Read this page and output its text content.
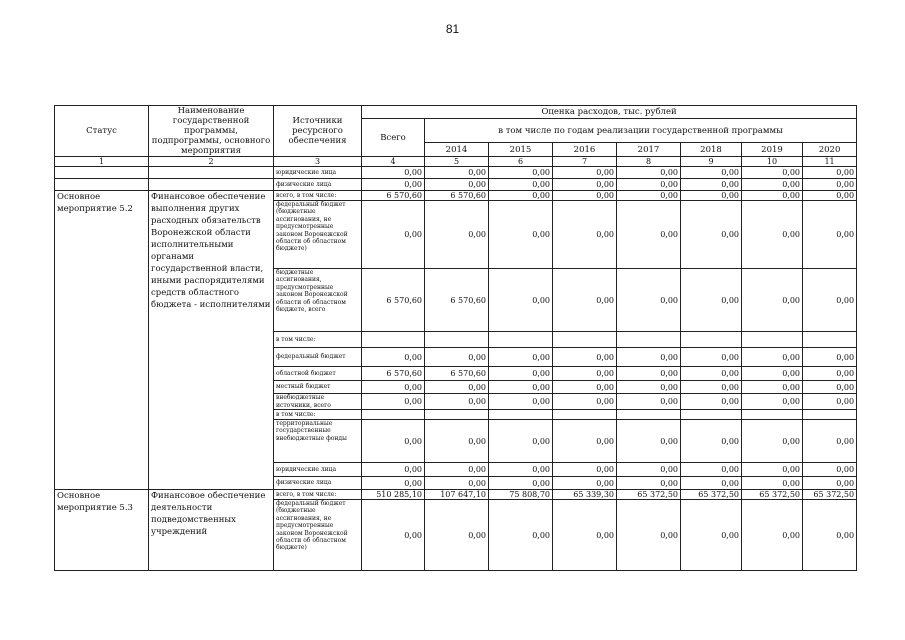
81
Статус	Наименование государственной программы, подпрограммы, основного мероприятия	Источники ресурсного обеспечения	Оценка расходов, тыс. рублей							
			Всего	в том числе по годам реализации государственной программы						
				2014	2015	2016	2017	2018	2019	2020
1	2	3	4	5	6	7	8	9	10	11
		юридические лица	0,00	0,00	0,00	0,00	0,00	0,00	0,00	0,00
		физические лица	0,00	0,00	0,00	0,00	0,00	0,00	0,00	0,00
Основное мероприятие 5.2	Финансовое обеспечение выполнения других расходных обязательств Воронежской области исполнительными органами государственной власти, иными распорядителями средств областного бюджета - исполнителями	всего, в том числе:	6 570,60	6 570,60	0,00	0,00	0,00	0,00	0,00	0,00
		федеральный бюджет (бюджетные ассигнования, не предусмотренные законом Воронежской области об областном бюджете)	0,00	0,00	0,00	0,00	0,00	0,00	0,00	0,00
		бюджетные ассигнования, предусмотренные законом Воронежской области об областном бюджете, всего	6 570,60	6 570,60	0,00	0,00	0,00	0,00	0,00	0,00
		в том числе:								
		федеральный бюджет	0,00	0,00	0,00	0,00	0,00	0,00	0,00	0,00
		областной бюджет	6 570,60	6 570,60	0,00	0,00	0,00	0,00	0,00	0,00
		местный бюджет	0,00	0,00	0,00	0,00	0,00	0,00	0,00	0,00
		внебюджетные источники, всего	0,00	0,00	0,00	0,00	0,00	0,00	0,00	0,00
		в том числе:								
		территориальные государственные внебюджетные фонды	0,00	0,00	0,00	0,00	0,00	0,00	0,00	0,00
		юридические лица	0,00	0,00	0,00	0,00	0,00	0,00	0,00	0,00
		физические лица	0,00	0,00	0,00	0,00	0,00	0,00	0,00	0,00
Основное мероприятие 5.3	Финансовое обеспечение деятельности подведомственных учреждений	всего, в том числе:	510 285,10	107 647,10	75 808,70	65 339,30	65 372,50	65 372,50	65 372,50	65 372,50
		федеральный бюджет (бюджетные ассигнования, не предусмотренные законом Воронежской области об областном бюджете)	0,00	0,00	0,00	0,00	0,00	0,00	0,00	0,00
